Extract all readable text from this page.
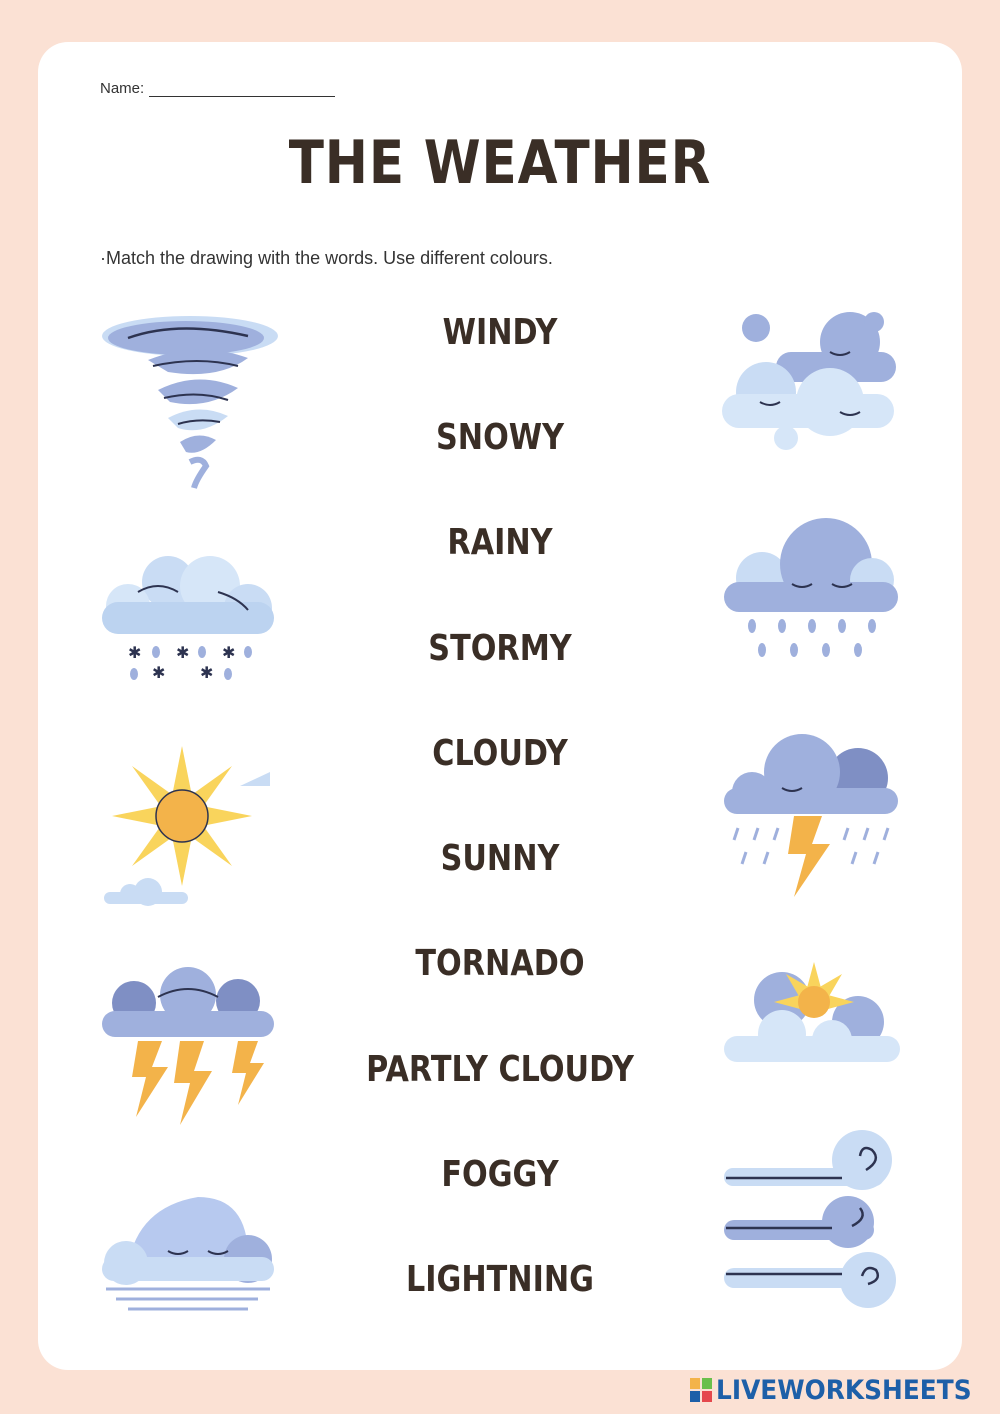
Name:
THE WEATHER
·Match the drawing with the words. Use different colours.
WINDY
SNOWY
RAINY
STORMY
CLOUDY
SUNNY
TORNADO
PARTLY CLOUDY
FOGGY
LIGHTNING
✱ ✱ ✱
✱ ✱
LIVEWORKSHEETS
